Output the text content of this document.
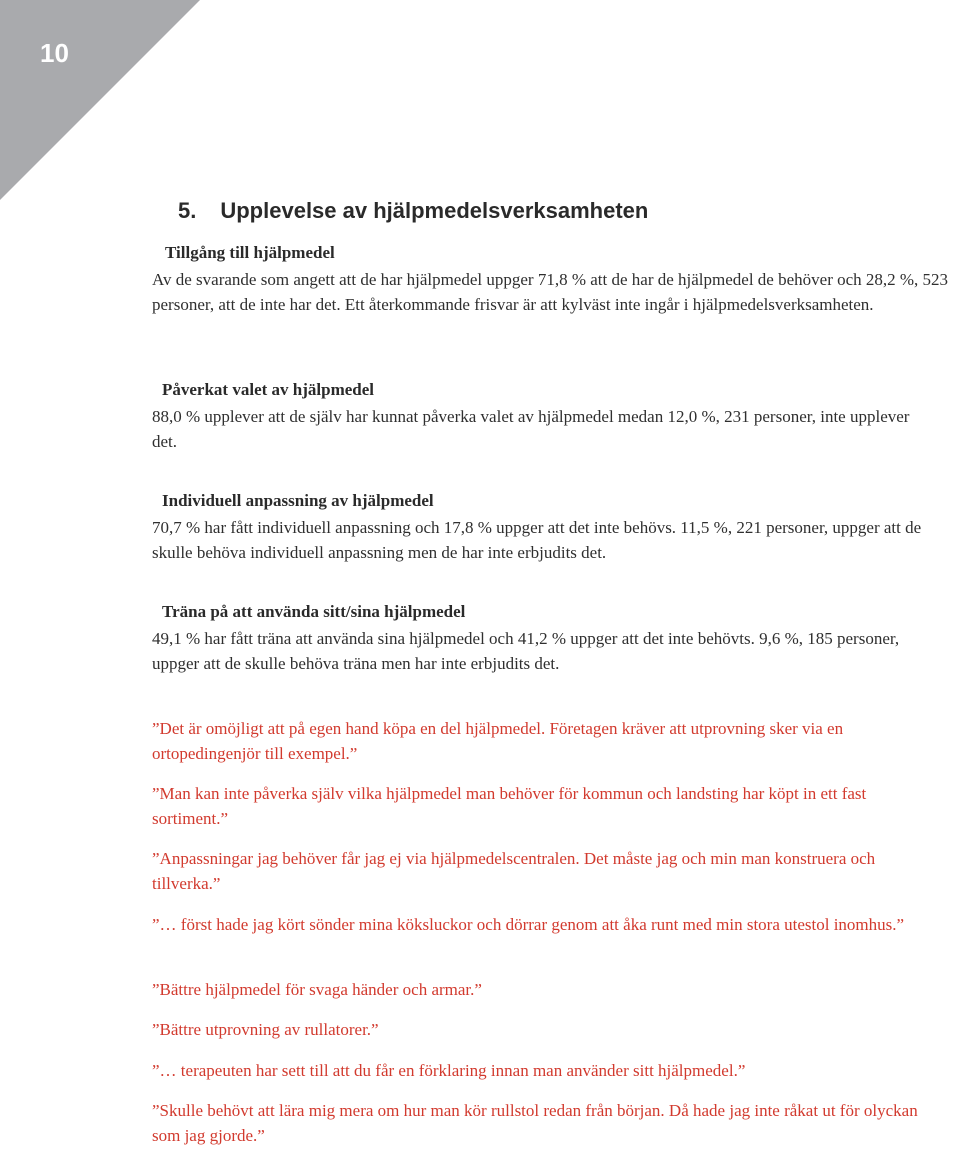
10
5. Upplevelse av hjälpmedelsverksamheten
Tillgång till hjälpmedel
Av de svarande som angett att de har hjälpmedel uppger 71,8 % att de har de hjälpmedel de behöver och 28,2 %, 523 personer, att de inte har det. Ett återkommande frisvar är att kylväst inte ingår i hjälpmedelsverksamheten.
Påverkat valet av hjälpmedel
88,0 % upplever att de själv har kunnat påverka valet av hjälpmedel medan 12,0 %, 231 personer, inte upplever det.
Individuell anpassning av hjälpmedel
70,7 % har fått individuell anpassning och 17,8 % uppger att det inte behövs. 11,5 %, 221 personer, uppger att de skulle behöva individuell anpassning men de har inte erbjudits det.
Träna på att använda sitt/sina hjälpmedel
49,1 % har fått träna att använda sina hjälpmedel och 41,2 % uppger att det inte behövts. 9,6 %, 185 personer, uppger att de skulle behöva träna men har inte erbjudits det.
”Det är omöjligt att på egen hand köpa en del hjälpmedel. Företagen kräver att utprovning sker via en ortopedingenjör till exempel.”
”Man kan inte påverka själv vilka hjälpmedel man behöver för kommun och landsting har köpt in ett fast sortiment.”
”Anpassningar jag behöver får jag ej via hjälpmedelscentralen. Det måste jag och min man konstruera och tillverka.”
”… först hade jag kört sönder mina köksluckor och dörrar genom att åka runt med min stora utestol inomhus.”
”Bättre hjälpmedel för svaga händer och armar.”
”Bättre utprovning av rullatorer.”
”… terapeuten har sett till att du får en förklaring innan man använder sitt hjälpmedel.”
”Skulle behövt att lära mig mera om hur man kör rullstol redan från början. Då hade jag inte råkat ut för olyckan som jag gjorde.”
